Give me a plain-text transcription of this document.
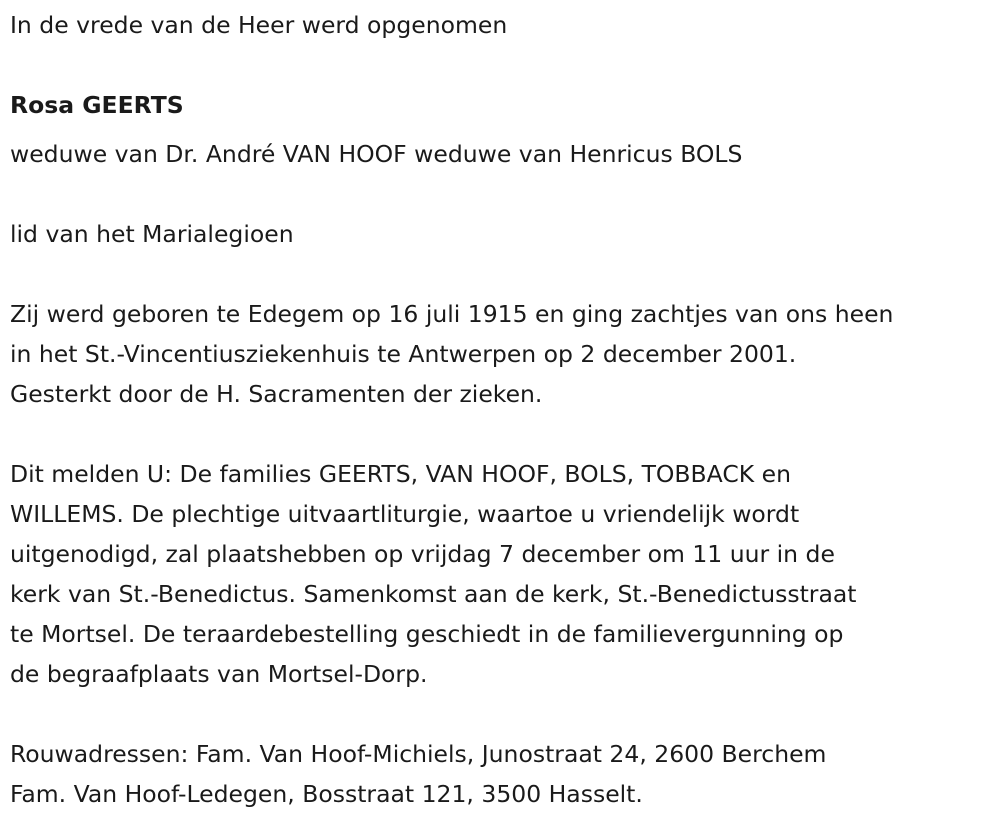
In de vrede van de Heer werd opgenomen
Rosa GEERTS
weduwe van Dr. André VAN HOOF weduwe van Henricus BOLS
lid van het Marialegioen
Zij werd geboren te Edegem op 16 juli 1915 en ging zachtjes van ons heen
in het St.-Vincentiusziekenhuis te Antwerpen op 2 december 2001.
Gesterkt door de H. Sacramenten der zieken.
Dit melden U: De families GEERTS, VAN HOOF, BOLS, TOBBACK en
WILLEMS. De plechtige uitvaartliturgie, waartoe u vriendelijk wordt
uitgenodigd, zal plaatshebben op vrijdag 7 december om 11 uur in de
kerk van St.-Benedictus. Samenkomst aan de kerk, St.-Benedictusstraat
te Mortsel. De teraardebestelling geschiedt in de familievergunning op
de begraafplaats van Mortsel-Dorp.
Rouwadressen: Fam. Van Hoof-Michiels, Junostraat 24, 2600 Berchem
Fam. Van Hoof-Ledegen, Bosstraat 121, 3500 Hasselt.
